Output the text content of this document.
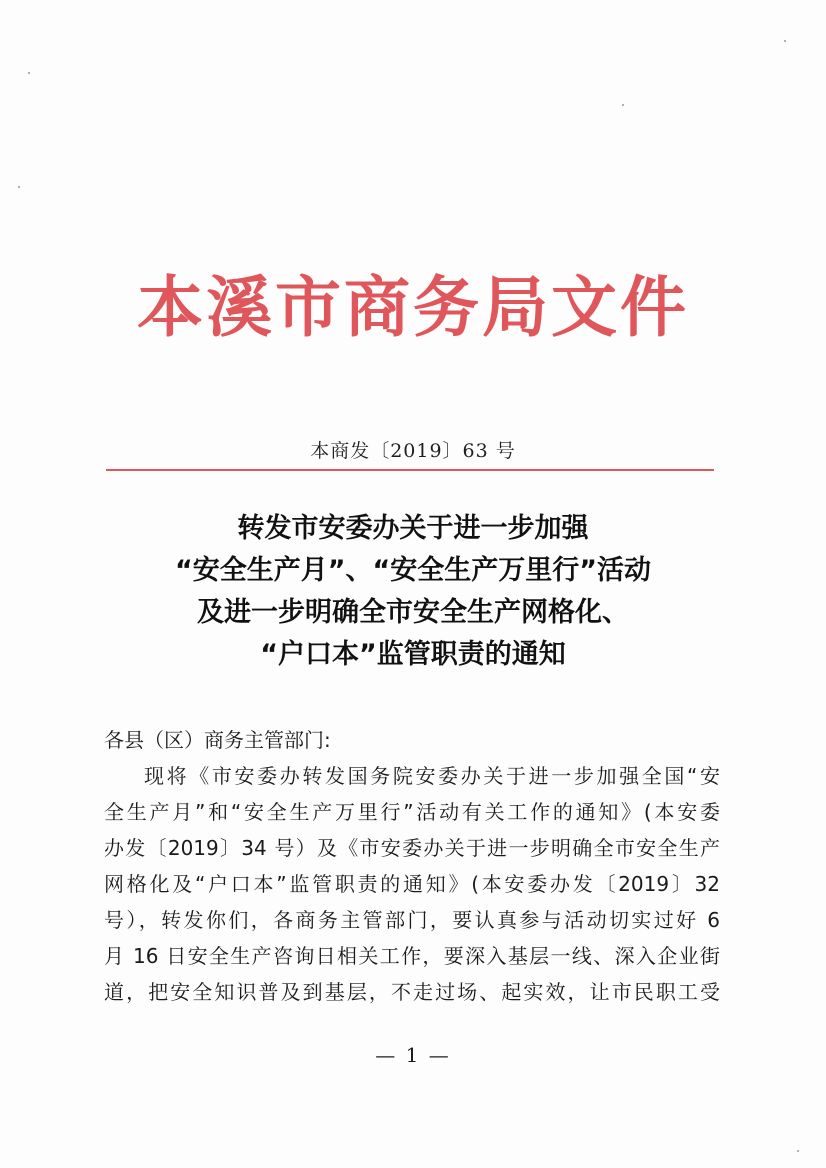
本溪市商务局文件
本商发〔2019〕63 号
转发市安委办关于进一步加强
“安全生产月”、“安全生产万里行”活动
及进一步明确全市安全生产网格化、
“户口本”监管职责的通知
各县（区）商务主管部门:
现将《市安委办转发国务院安委办关于进一步加强全国“安
全生产月”和“安全生产万里行”活动有关工作的通知》(本安委
办发〔2019〕34 号）及《市安委办关于进一步明确全市安全生产
网格化及“户口本”监管职责的通知》(本安委办发〔2019〕32
号），转发你们，各商务主管部门，要认真参与活动切实过好 6
月 16 日安全生产咨询日相关工作，要深入基层一线、深入企业街
道，把安全知识普及到基层，不走过场、起实效，让市民职工受
— 1 —
